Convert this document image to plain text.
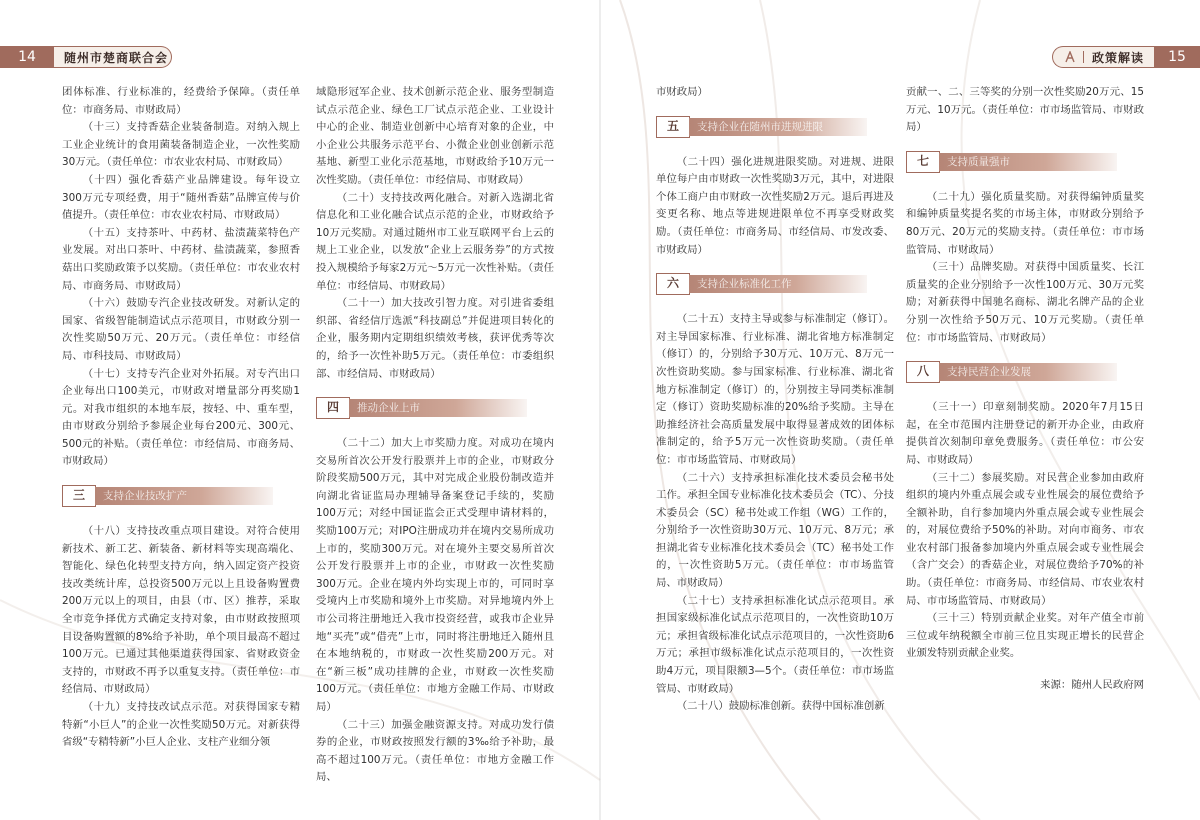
14	随州市楚商联合会	政策解读	15

团体标准、行业标准的，经费给予保障。（责任单位：市商务局、市财政局）

（十三）支持香菇企业装备制造。对纳入规上工业企业统计的食用菌装备制造企业，一次性奖励30万元。（责任单位：市农业农村局、市财政局）

（十四）强化香菇产业品牌建设。每年设立300万元专项经费，用于“随州香菇”品牌宣传与价值提升。（责任单位：市农业农村局、市财政局）

（十五）支持茶叶、中药材、盐渍蔬菜特色产业发展。对出口茶叶、中药材、盐渍蔬菜，参照香菇出口奖励政策予以奖励。（责任单位：市农业农村局、市商务局、市财政局）

（十六）鼓励专汽企业技改研发。对新认定的国家、省级智能制造试点示范项目，市财政分别一次性奖励50万元、20万元。（责任单位：市经信局、市科技局、市财政局）

（十七）支持专汽企业对外拓展。对专汽出口企业每出口100美元，市财政对增量部分再奖励1元。对我市组织的本地车辰，按轻、中、重车型，由市财政分别给予参展企业每台200元、300元、500元的补贴。（责任单位：市经信局、市商务局、市财政局）

三	支持企业技改扩产

（十八）支持技改重点项目建设。对符合使用新技术、新工艺、新装备、新材料等实现高端化、智能化、绿色化转型支持方向，纳入固定资产投资技改类统计库，总投资500万元以上且设备购置费200万元以上的项目，由县（市、区）推荐，采取全市竞争择优方式确定支持对象，由市财政按照项目设备购置额的8%给予补助，单个项目最高不超过100万元。已通过其他渠道获得国家、省财政资金支持的，市财政不再予以重复支持。（责任单位：市经信局、市财政局）

（十九）支持技改试点示范。对获得国家专精特新“小巨人”的企业一次性奖励50万元。对新获得省级“专精特新”小巨人企业、支柱产业细分领

域隐形冠军企业、技术创新示范企业、服务型制造试点示范企业、绿色工厂试点示范企业、工业设计中心的企业、制造业创新中心培育对象的企业，中小企业公共服务示范平台、小微企业创业创新示范基地、新型工业化示范基地，市财政给予10万元一次性奖励。（责任单位：市经信局、市财政局）

（二十）支持技改两化融合。对新入选湖北省信息化和工业化融合试点示范的企业，市财政给予10万元奖励。对通过随州市工业互联网平台上云的规上工业企业，以发放“企业上云服务券”的方式按投入规模给予每家2万元～5万元一次性补贴。（责任单位：市经信局、市财政局）

（二十一）加大技改引智力度。对引进省委组织部、省经信厅选派“科技副总”并促进项目转化的企业，服务期内定期组织绩效考核，获评优秀等次的，给予一次性补助5万元。（责任单位：市委组织部、市经信局、市财政局）

四	推动企业上市

（二十二）加大上市奖励力度。对成功在境内交易所首次公开发行股票并上市的企业，市财政分阶段奖励500万元，其中对完成企业股份制改造并向湖北省证监局办理辅导备案登记手续的，奖励100万元；对经中国证监会正式受理申请材料的，奖励100万元；对IPO注册成功并在境内交易所成功上市的，奖励300万元。对在境外主要交易所首次公开发行股票并上市的企业，市财政一次性奖励300万元。企业在境内外均实现上市的，可同时享受境内上市奖励和境外上市奖励。对异地境内外上市公司将注册地迁入我市投资经营，或我市企业异地“买壳”或“借壳”上市，同时将注册地迁入随州且在本地纳税的，市财政一次性奖励200万元。对在“新三板”成功挂牌的企业，市财政一次性奖励100万元。（责任单位：市地方金融工作局、市财政局）

（二十三）加强金融资源支持。对成功发行债券的企业，市财政按照发行额的3‰给予补助，最高不超过100万元。（责任单位：市地方金融工作局、

市财政局）

五	支持企业在随州市进规进限

（二十四）强化进规进限奖励。对进规、进限单位每户由市财政一次性奖励3万元，其中，对进限个体工商户由市财政一次性奖励2万元。退后再进及变更名称、地点等进规进限单位不再享受财政奖励。（责任单位：市商务局、市经信局、市发改委、市财政局）

六	支持企业标准化工作

（二十五）支持主导或参与标准制定（修订）。对主导国家标准、行业标准、湖北省地方标准制定（修订）的，分别给予30万元、10万元、8万元一次性资助奖励。参与国家标准、行业标准、湖北省地方标准制定（修订）的，分别按主导同类标准制定（修订）资助奖励标准的20%给予奖励。主导在助推经济社会高质量发展中取得显著成效的团体标准制定的，给予5万元一次性资助奖励。（责任单位：市市场监管局、市财政局）

（二十六）支持承担标准化技术委员会秘书处工作。承担全国专业标准化技术委员会（TC）、分技术委员会（SC）秘书处或工作组（WG）工作的，分别给予一次性资助30万元、10万元、8万元；承担湖北省专业标准化技术委员会（TC）秘书处工作的，一次性资助5万元。（责任单位：市市场监管局、市财政局）

（二十七）支持承担标准化试点示范项目。承担国家级标准化试点示范项目的，一次性资助10万元；承担省级标准化试点示范项目的，一次性资助6万元；承担市级标准化试点示范项目的，一次性资助4万元，项目限额3—5个。（责任单位：市市场监管局、市财政局）

（二十八）鼓励标准创新。获得中国标准创新

贡献一、二、三等奖的分别一次性奖励20万元、15万元、10万元。（责任单位：市市场监管局、市财政局）

七	支持质量强市

（二十九）强化质量奖励。对获得编钟质量奖和编钟质量奖提名奖的市场主体，市财政分别给予80万元、20万元的奖励支持。（责任单位：市市场监管局、市财政局）

（三十）品牌奖励。对获得中国质量奖、长江质量奖的企业分别给予一次性100万元、30万元奖励；对新获得中国驰名商标、湖北名牌产品的企业分别一次性给予50万元、10万元奖励。（责任单位：市市场监管局、市财政局）

八	支持民营企业发展

（三十一）印章刻制奖励。2020年7月15日起，在全市范围内注册登记的新开办企业，由政府提供首次刻制印章免费服务。（责任单位：市公安局、市财政局）

（三十二）参展奖励。对民营企业参加由政府组织的境内外重点展会或专业性展会的展位费给予全额补助，自行参加境内外重点展会或专业性展会的，对展位费给予50%的补助。对向市商务、市农业农村部门报备参加境内外重点展会或专业性展会（含广交会）的香菇企业，对展位费给予70%的补助。（责任单位：市商务局、市经信局、市农业农村局、市市场监管局、市财政局）

（三十三）特别贡献企业奖。对年产值全市前三位或年纳税额全市前三位且实现正增长的民营企业颁发特别贡献企业奖。

来源：随州人民政府网
